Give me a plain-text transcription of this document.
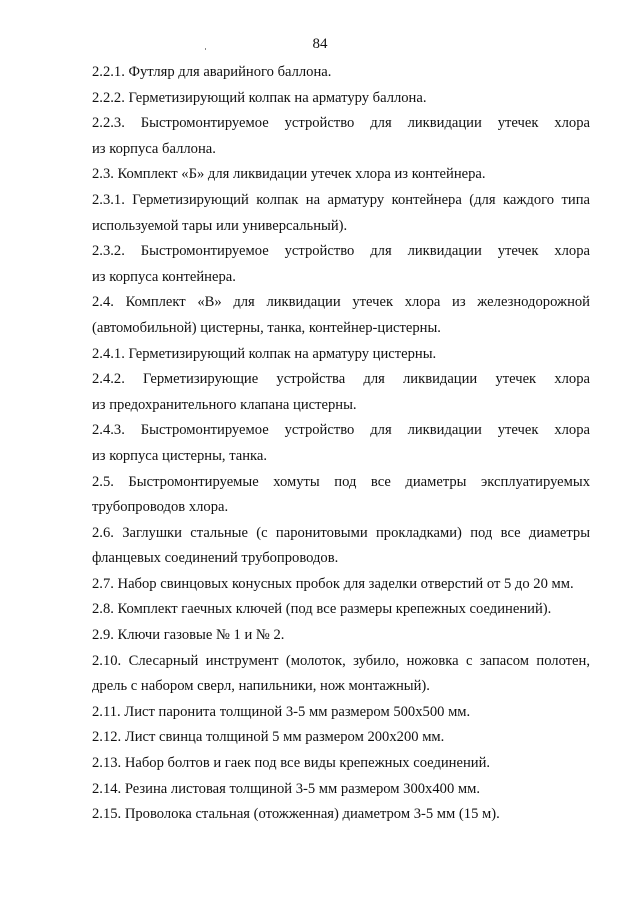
84

2.2.1. Футляр для аварийного баллона.

2.2.2. Герметизирующий колпак на арматуру баллона.

2.2.3. Быстромонтируемое устройство для ликвидации утечек хлора
из корпуса баллона.

2.3. Комплект «Б» для ликвидации утечек хлора из контейнера.

2.3.1. Герметизирующий колпак на арматуру контейнера (для каждого типа
используемой тары или универсальный).

2.3.2. Быстромонтируемое устройство для ликвидации утечек хлора
из корпуса контейнера.

2.4. Комплект «В» для ликвидации утечек хлора из железнодорожной
(автомобильной) цистерны, танка, контейнер-цистерны.

2.4.1. Герметизирующий колпак на арматуру цистерны.

2.4.2. Герметизирующие устройства для ликвидации утечек хлора
из предохранительного клапана цистерны.

2.4.3. Быстромонтируемое устройство для ликвидации утечек хлора
из корпуса цистерны, танка.

2.5. Быстромонтируемые хомуты под все диаметры эксплуатируемых
трубопроводов хлора.

2.6. Заглушки стальные (с паронитовыми прокладками) под все диаметры
фланцевых соединений трубопроводов.

2.7. Набор свинцовых конусных пробок для заделки отверстий от 5 до 20 мм.

2.8. Комплект гаечных ключей (под все размеры крепежных соединений).

2.9. Ключи газовые № 1 и № 2.

2.10. Слесарный инструмент (молоток, зубило, ножовка с запасом полотен,
дрель с набором сверл, напильники, нож монтажный).

2.11. Лист паронита толщиной 3-5 мм размером 500х500 мм.

2.12. Лист свинца толщиной 5 мм размером 200х200 мм.

2.13. Набор болтов и гаек под все виды крепежных соединений.

2.14. Резина листовая толщиной 3-5 мм размером 300х400 мм.

2.15. Проволока стальная (отожженная) диаметром 3-5 мм (15 м).
